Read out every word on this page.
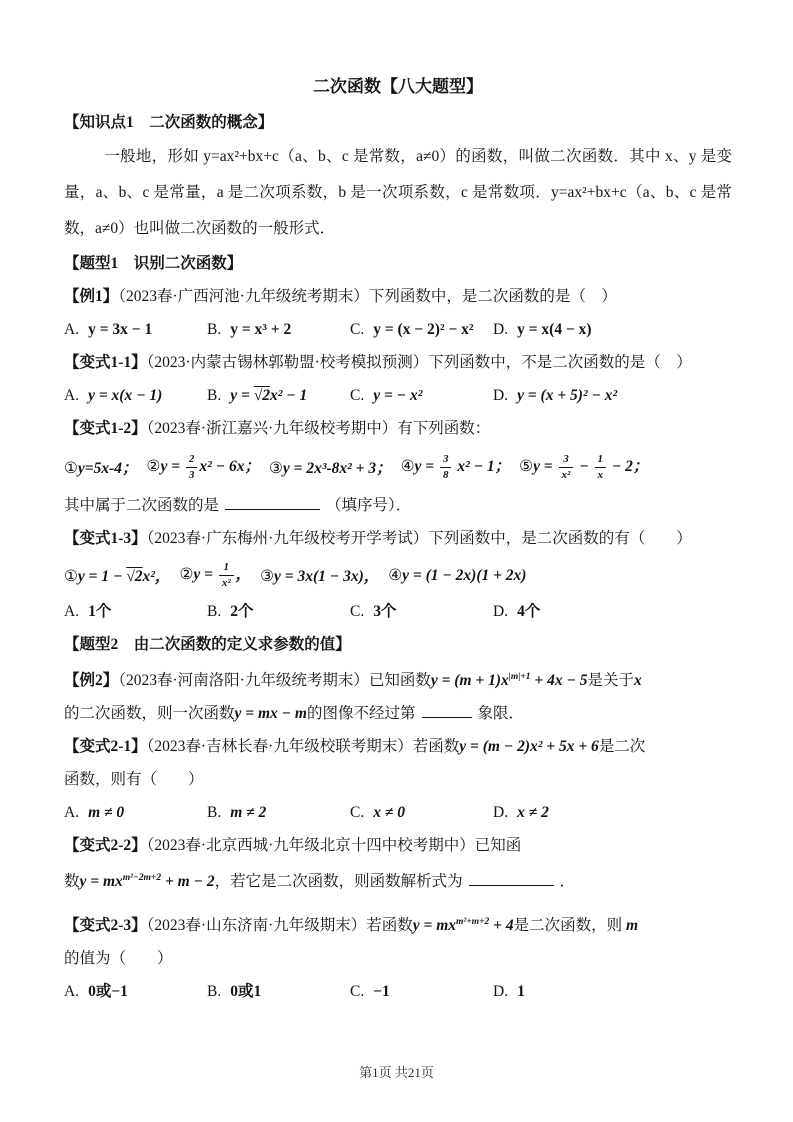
二次函数【八大题型】
【知识点1　二次函数的概念】
一般地，形如 y=ax²+bx+c（a、b、c 是常数，a≠0）的函数，叫做二次函数．其中 x、y 是变量，a、b、c 是常量，a 是二次项系数，b 是一次项系数，c 是常数项．y=ax²+bx+c（a、b、c 是常数，a≠0）也叫做二次函数的一般形式．
【题型1　识别二次函数】
【例1】（2023春·广西河池·九年级统考期末）下列函数中，是二次函数的是（　）
A. y = 3x − 1	B. y = x³ + 2	C. y = (x − 2)² − x²	D. y = x(4 − x)
【变式1-1】（2023·内蒙古锡林郭勒盟·校考模拟预测）下列函数中，不是二次函数的是（　）
A. y = x(x − 1)	B. y = √2x² − 1	C. y = − x²	D. y = (x + 5)² − x²
【变式1-2】（2023春·浙江嘉兴·九年级校考期中）有下列函数：
①y=5x-4； ②y = $\frac{2}{3} x^2 - 6x$； ③y = 2x³-8x² + 3； ④y = $\frac{3}{8} x^2 - 1$； ⑤y = $\frac{3}{\text{x²}} - \frac{1}{x} - 2$；
其中属于二次函数的是	（填序号）．
【变式1-3】（2023春·广东梅州·九年级校考开学考试）下列函数中，是二次函数的有（　　）
①y = 1 − √2x²， ②y = $\frac{1}{\text{x²}}$ ， ③y = 3x(1 − 3x)， ④y = (1 − 2x)(1 + 2x)
A. 1个	B. 2个	C. 3个	D. 4个
【题型2　由二次函数的定义求参数的值】
【例2】（2023春·河南洛阳·九年级统考期末）已知函数$y = (m + 1)x^{|m|+1} + 4x - 5$是关于x
的二次函数，则一次函数y = mx − m的图像不经过第	象限．
【变式2-1】（2023春·吉林长春·九年级校联考期末）若函数y = (m − 2)x² + 5x + 6是二次
函数，则有（　　）
A. m ≠ 0	B. m ≠ 2	C. x ≠ 0	D. x ≠ 2
【变式2-2】（2023春·北京西城·九年级北京十四中校考期中）已知函
数$y = mx^{m^2-2m+2} + m - 2$，若它是二次函数，则函数解析式为	．
【变式2-3】（2023春·山东济南·九年级期末）若函数$y = mx^{m^2+m+2} + 4$是二次函数，则 m
的值为（　　）
A. 0或−1	B. 0或1	C. −1	D. 1
第1页 共21页
